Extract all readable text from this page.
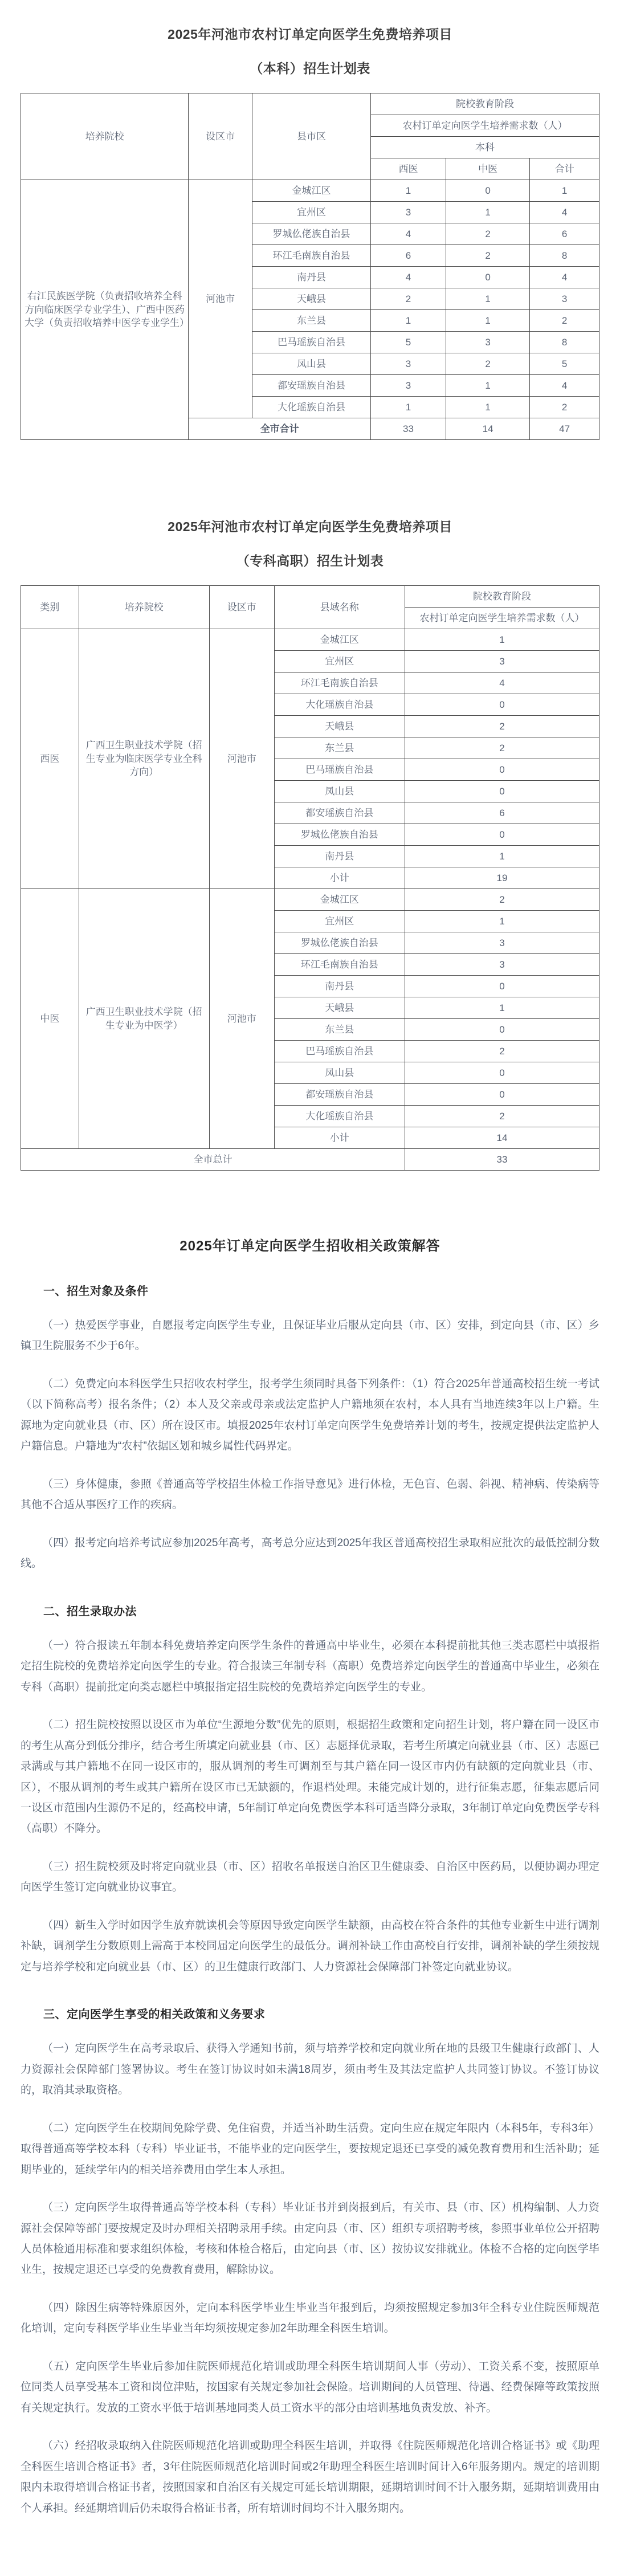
2025年河池市农村订单定向医学生免费培养项目
（本科）招生计划表
培养院校	设区市	县市区	院校教育阶段		
			农村订单定向医学生培养需求数（人）		
			本科		
			西医	中医	合计
右江民族医学院（负责招收培养全科方向临床医学专业学生）、广西中医药大学（负责招收培养中医学专业学生）	河池市	金城江区	1	0	1
		宜州区	3	1	4
		罗城仫佬族自治县	4	2	6
		环江毛南族自治县	6	2	8
		南丹县	4	0	4
		天峨县	2	1	3
		东兰县	1	1	2
		巴马瑶族自治县	5	3	8
		凤山县	3	2	5
		都安瑶族自治县	3	1	4
		大化瑶族自治县	1	1	2
	全市合计		33	14	47
2025年河池市农村订单定向医学生免费培养项目
（专科高职）招生计划表
类别	培养院校	设区市	县域名称	院校教育阶段
				农村订单定向医学生培养需求数（人）
西医	广西卫生职业技术学院（招生专业为临床医学专业全科方向）	河池市	金城江区	1
			宜州区	3
			环江毛南族自治县	4
			大化瑶族自治县	0
			天峨县	2
			东兰县	2
			巴马瑶族自治县	0
			凤山县	0
			都安瑶族自治县	6
			罗城仫佬族自治县	0
			南丹县	1
			小计	19
中医	广西卫生职业技术学院（招生专业为中医学）	河池市	金城江区	2
			宜州区	1
			罗城仫佬族自治县	3
			环江毛南族自治县	3
			南丹县	0
			天峨县	1
			东兰县	0
			巴马瑶族自治县	2
			凤山县	0
			都安瑶族自治县	0
			大化瑶族自治县	2
			小计	14
全市总计				33
2025年订单定向医学生招收相关政策解答
一、招生对象及条件

（一）热爱医学事业，自愿报考定向医学生专业，且保证毕业后服从定向县（市、区）安排，到定向县（市、区）乡镇卫生院服务不少于6年。

（二）免费定向本科医学生只招收农村学生，报考学生须同时具备下列条件：（1）符合2025年普通高校招生统一考试（以下简称高考）报名条件；（2）本人及父亲或母亲或法定监护人户籍地须在农村，本人具有当地连续3年以上户籍。生源地为定向就业县（市、区）所在设区市。填报2025年农村订单定向医学生免费培养计划的考生，按规定提供法定监护人户籍信息。户籍地为“农村”依据区划和城乡属性代码界定。

（三）身体健康，参照《普通高等学校招生体检工作指导意见》进行体检，无色盲、色弱、斜视、精神病、传染病等其他不合适从事医疗工作的疾病。

（四）报考定向培养考试应参加2025年高考，高考总分应达到2025年我区普通高校招生录取相应批次的最低控制分数线。

二、招生录取办法

（一）符合报读五年制本科免费培养定向医学生条件的普通高中毕业生，必须在本科提前批其他三类志愿栏中填报指定招生院校的免费培养定向医学生的专业。符合报读三年制专科（高职）免费培养定向医学生的普通高中毕业生，必须在专科（高职）提前批定向类志愿栏中填报指定招生院校的免费培养定向医学生的专业。

（二）招生院校按照以设区市为单位“生源地分数”优先的原则，根据招生政策和定向招生计划，将户籍在同一设区市的考生从高分到低分排序，结合考生所填定向就业县（市、区）志愿择优录取，若考生所填定向就业县（市、区）志愿已录满或与其户籍地不在同一设区市的，服从调剂的考生可调剂至与其户籍在同一设区市内仍有缺额的定向就业县（市、区），不服从调剂的考生或其户籍所在设区市已无缺额的，作退档处理。未能完成计划的，进行征集志愿，征集志愿后同一设区市范围内生源仍不足的，经高校申请，5年制订单定向免费医学本科可适当降分录取，3年制订单定向免费医学专科（高职）不降分。

（三）招生院校须及时将定向就业县（市、区）招收名单报送自治区卫生健康委、自治区中医药局，以便协调办理定向医学生签订定向就业协议事宜。

（四）新生入学时如因学生放弃就读机会等原因导致定向医学生缺额，由高校在符合条件的其他专业新生中进行调剂补缺，调剂学生分数原则上需高于本校同届定向医学生的最低分。调剂补缺工作由高校自行安排，调剂补缺的学生须按规定与培养学校和定向就业县（市、区）的卫生健康行政部门、人力资源社会保障部门补签定向就业协议。

三、定向医学生享受的相关政策和义务要求

（一）定向医学生在高考录取后、获得入学通知书前，须与培养学校和定向就业所在地的县级卫生健康行政部门、人力资源社会保障部门签署协议。考生在签订协议时如未满18周岁，须由考生及其法定监护人共同签订协议。不签订协议的，取消其录取资格。

（二）定向医学生在校期间免除学费、免住宿费，并适当补助生活费。定向生应在规定年限内（本科5年，专科3年）取得普通高等学校本科（专科）毕业证书，不能毕业的定向医学生，要按规定退还已享受的减免教育费用和生活补助；延期毕业的，延续学年内的相关培养费用由学生本人承担。

（三）定向医学生取得普通高等学校本科（专科）毕业证书并到岗报到后，有关市、县（市、区）机构编制、人力资源社会保障等部门要按规定及时办理相关招聘录用手续。由定向县（市、区）组织专项招聘考核，参照事业单位公开招聘人员体检通用标准和要求组织体检，考核和体检合格后，由定向县（市、区）按协议安排就业。体检不合格的定向医学毕业生，按规定退还已享受的免费教育费用，解除协议。

（四）除因生病等特殊原因外，定向本科医学毕业生毕业当年报到后，均须按照规定参加3年全科专业住院医师规范化培训，定向专科医学毕业生毕业当年均须按规定参加2年助理全科医生培训。

（五）定向医学生毕业后参加住院医师规范化培训或助理全科医生培训期间人事（劳动）、工资关系不变，按照原单位同类人员享受基本工资和岗位津贴，按国家有关规定参加社会保险。培训期间的人员管理、待遇、经费保障等政策按照有关规定执行。发放的工资水平低于培训基地同类人员工资水平的部分由培训基地负责发放、补齐。

（六）经招收录取纳入住院医师规范化培训或助理全科医生培训，并取得《住院医师规范化培训合格证书》或《助理全科医生培训合格证书》者，3年住院医师规范化培训时间或2年助理全科医生培训时间计入6年服务期内。规定的培训期限内未取得培训合格证书者，按照国家和自治区有关规定可延长培训期限，延期培训时间不计入服务期，延期培训费用由个人承担。经延期培训后仍未取得合格证书者，所有培训时间均不计入服务期内。
